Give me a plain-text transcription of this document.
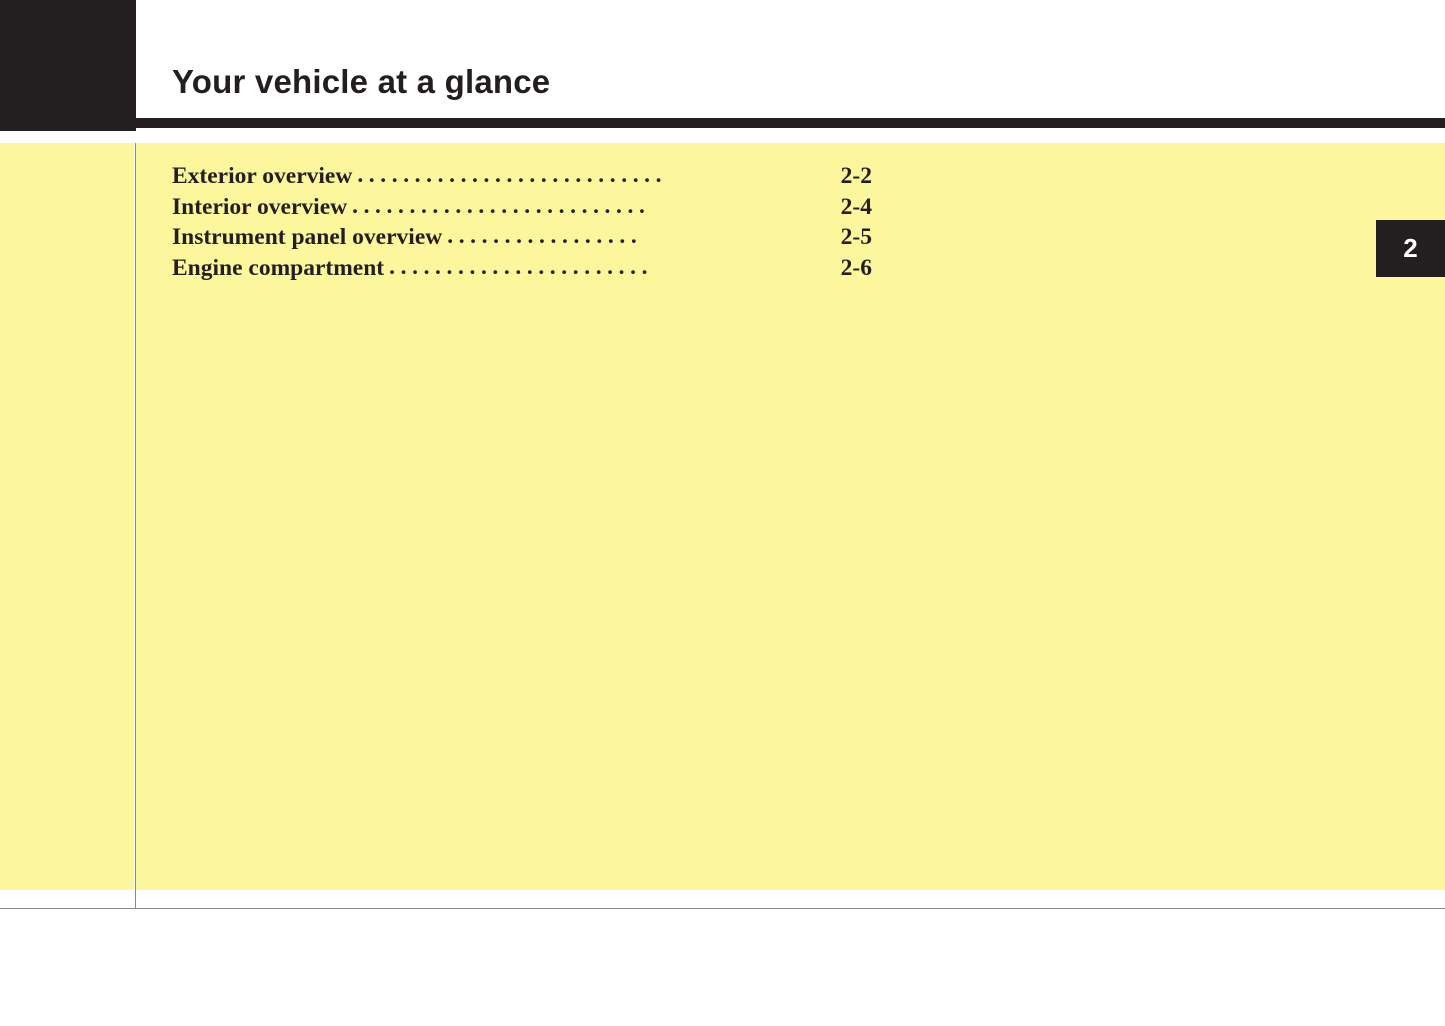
Your vehicle at a glance
Exterior overview ...........................	2-2
Interior overview ..........................	2-4
Instrument panel overview .................	2-5
Engine compartment .......................	2-6
2
